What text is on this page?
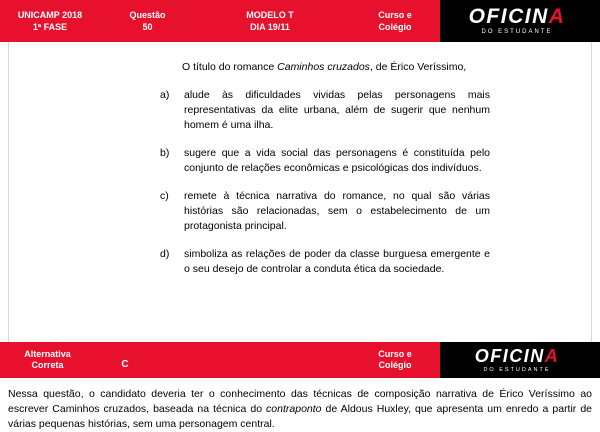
UNICAMP 2018
1ª FASE
Questão
50
MODELO T
DIA 19/11
Curso e
Colégio	OFICINA
DO ESTUDANTE
O título do romance Caminhos cruzados, de Érico Veríssimo,
a)	alude às dificuldades vividas pelas personagens mais representativas da elite urbana, além de sugerir que nenhum homem é uma ilha.
b)	sugere que a vida social das personagens é constituída pelo conjunto de relações econômicas e psicológicas dos indivíduos.
c)	remete à técnica narrativa do romance, no qual são várias histórias são relacionadas, sem o estabelecimento de um protagonista principal.
d)	simboliza as relações de poder da classe burguesa emergente e o seu desejo de controlar a conduta ética da sociedade.
Alternativa
Correta	C
Curso e
Colégio	OFICINA
DO ESTUDANTE
Nessa questão, o candidato deveria ter o conhecimento das técnicas de composição narrativa de Érico Veríssimo ao escrever Caminhos cruzados, baseada na técnica do contraponto de Aldous Huxley, que apresenta um enredo a partir de várias pequenas histórias, sem uma personagem central.
